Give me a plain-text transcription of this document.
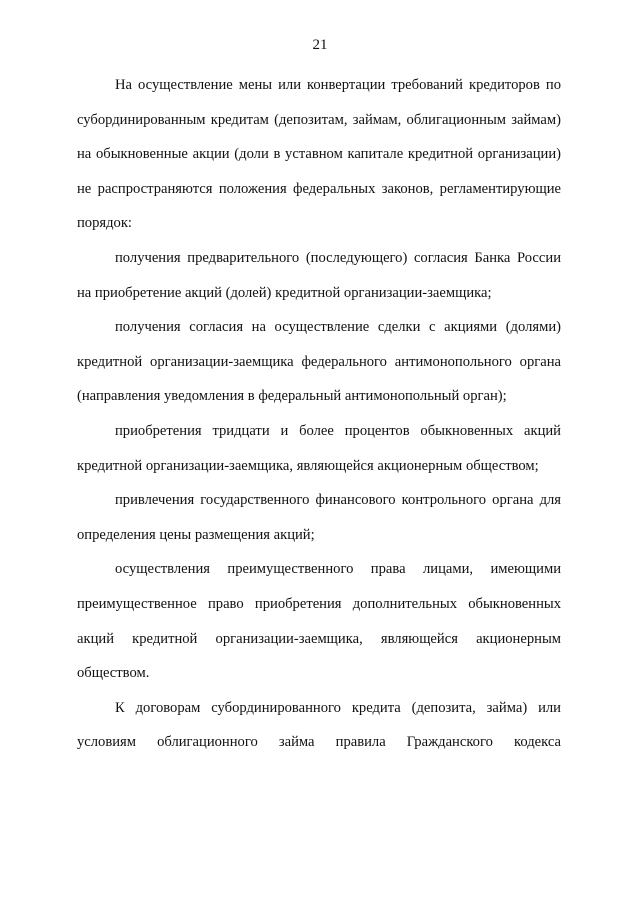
21

На осуществление мены или конвертации требований кредиторов по субординированным кредитам (депозитам, займам, облигационным займам) на обыкновенные акции (доли в уставном капитале кредитной организации) не распространяются положения федеральных законов, регламентирующие порядок:

получения предварительного (последующего) согласия Банка России на приобретение акций (долей) кредитной организации-заемщика;

получения согласия на осуществление сделки с акциями (долями) кредитной организации-заемщика федерального антимонопольного органа (направления уведомления в федеральный антимонопольный орган);

приобретения тридцати и более процентов обыкновенных акций кредитной организации-заемщика, являющейся акционерным обществом;

привлечения государственного финансового контрольного органа для определения цены размещения акций;

осуществления преимущественного права лицами, имеющими преимущественное право приобретения дополнительных обыкновенных акций кредитной организации-заемщика, являющейся акционерным обществом.

К договорам субординированного кредита (депозита, займа) или условиям облигационного займа правила Гражданского кодекса
